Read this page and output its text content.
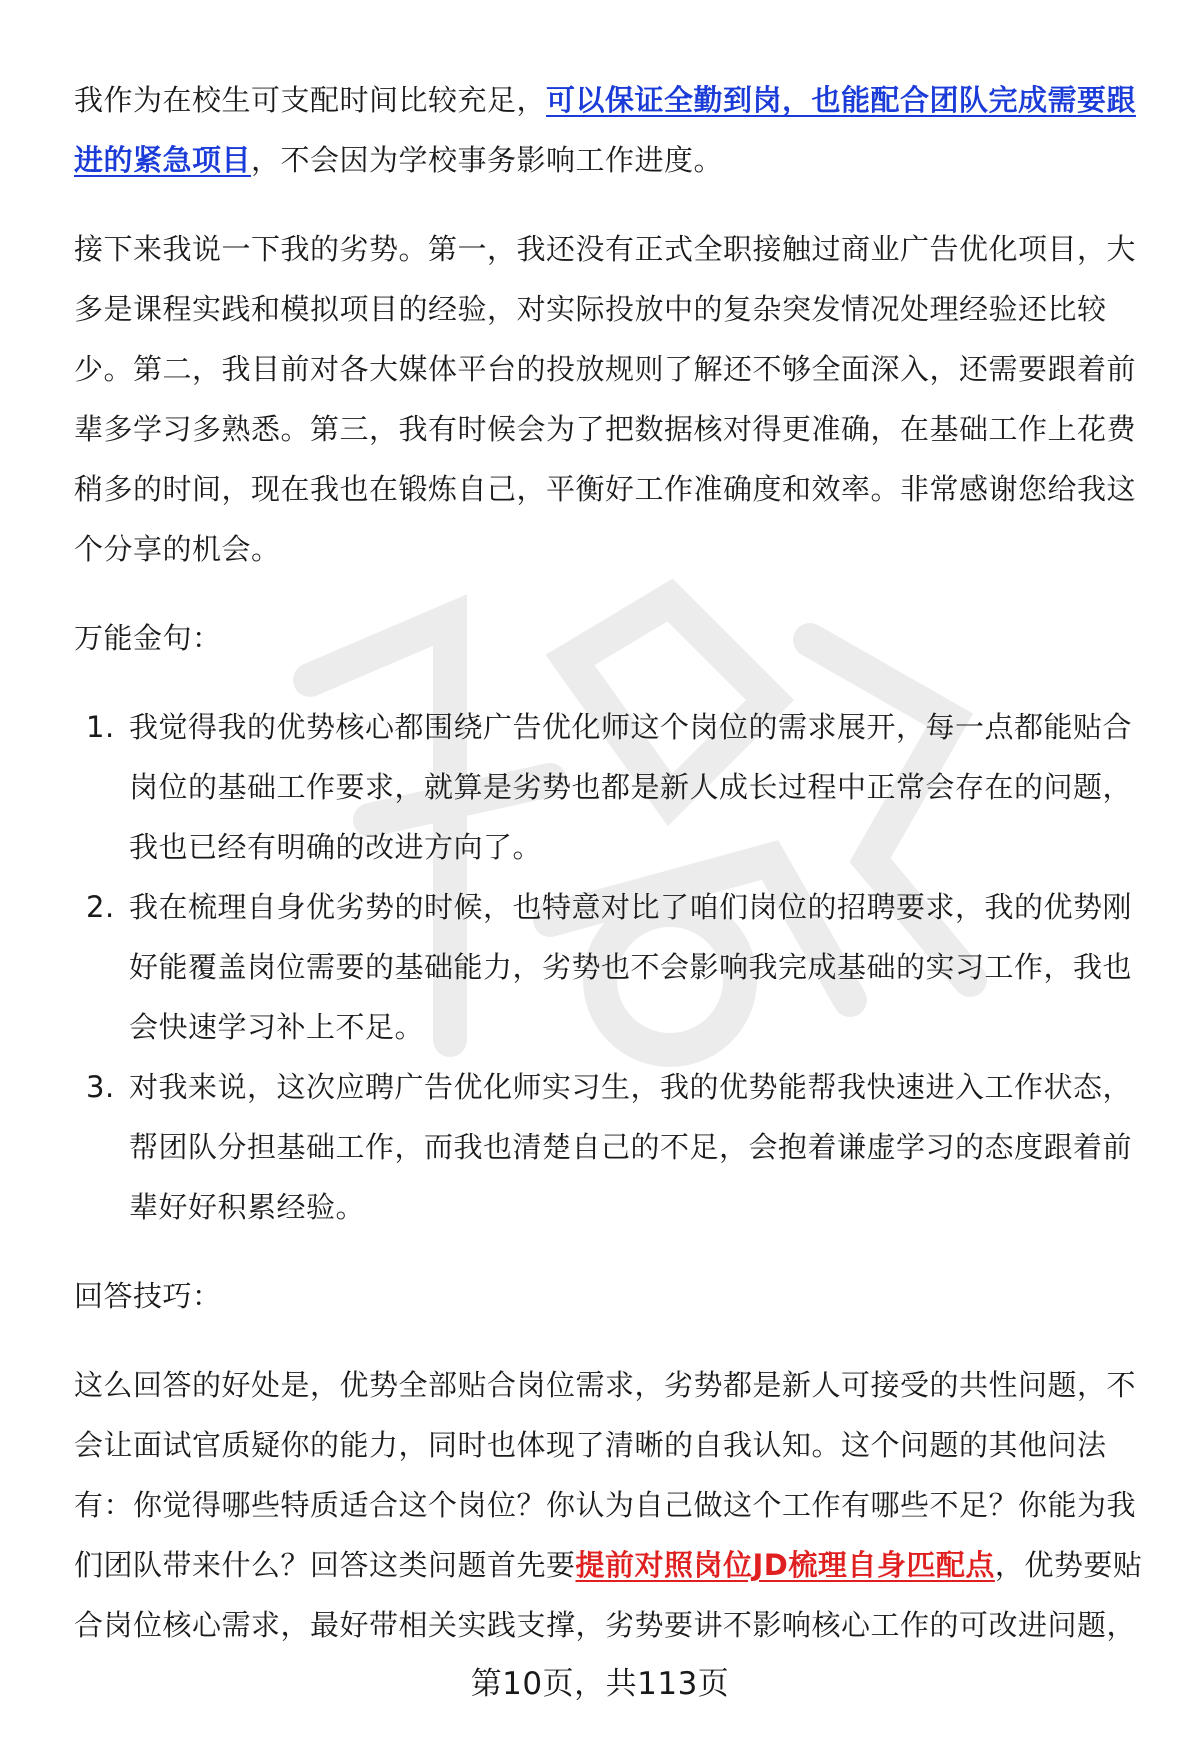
我作为在校生可支配时间比较充足，可以保证全勤到岗，也能配合团队完成需要跟进的紧急项目，不会因为学校事务影响工作进度。

接下来我说一下我的劣势。第一，我还没有正式全职接触过商业广告优化项目，大多是课程实践和模拟项目的经验，对实际投放中的复杂突发情况处理经验还比较少。第二，我目前对各大媒体平台的投放规则了解还不够全面深入，还需要跟着前辈多学习多熟悉。第三，我有时候会为了把数据核对得更准确，在基础工作上花费稍多的时间，现在我也在锻炼自己，平衡好工作准确度和效率。非常感谢您给我这个分享的机会。

万能金句：

1. 我觉得我的优势核心都围绕广告优化师这个岗位的需求展开，每一点都能贴合岗位的基础工作要求，就算是劣势也都是新人成长过程中正常会存在的问题，我也已经有明确的改进方向了。
2. 我在梳理自身优劣势的时候，也特意对比了咱们岗位的招聘要求，我的优势刚好能覆盖岗位需要的基础能力，劣势也不会影响我完成基础的实习工作，我也会快速学习补上不足。
3. 对我来说，这次应聘广告优化师实习生，我的优势能帮我快速进入工作状态，帮团队分担基础工作，而我也清楚自己的不足，会抱着谦虚学习的态度跟着前辈好好积累经验。

回答技巧：

这么回答的好处是，优势全部贴合岗位需求，劣势都是新人可接受的共性问题，不会让面试官质疑你的能力，同时也体现了清晰的自我认知。这个问题的其他问法有：你觉得哪些特质适合这个岗位？你认为自己做这个工作有哪些不足？你能为我们团队带来什么？回答这类问题首先要提前对照岗位JD梳理自身匹配点，优势要贴合岗位核心需求，最好带相关实践支撑，劣势要讲不影响核心工作的可改进问题，

第10页，共113页
